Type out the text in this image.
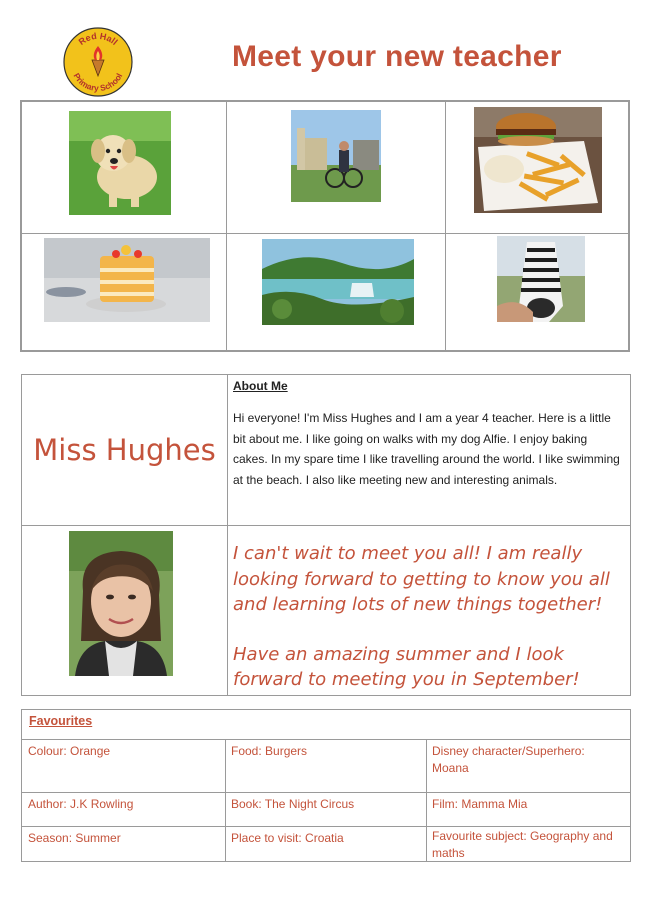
Red Hall
Primary School
Meet your new teacher
Miss Hughes
About Me
Hi everyone! I'm Miss Hughes and I am a year 4 teacher. Here is a little bit about me. I like going on walks with my dog Alfie. I enjoy baking cakes. In my spare time I like travelling around the world. I like swimming at the beach. I also like meeting new and interesting animals.

I can't wait to meet you all! I am really looking forward to getting to know you all and learning lots of new things together!

Have an amazing summer and I look forward to meeting you in September!

Favourites
Colour: Orange	Food: Burgers	Disney character/Superhero: Moana
Author: J.K Rowling	Book: The Night Circus	Film: Mamma Mia
Season: Summer	Place to visit: Croatia	Favourite subject: Geography and maths
